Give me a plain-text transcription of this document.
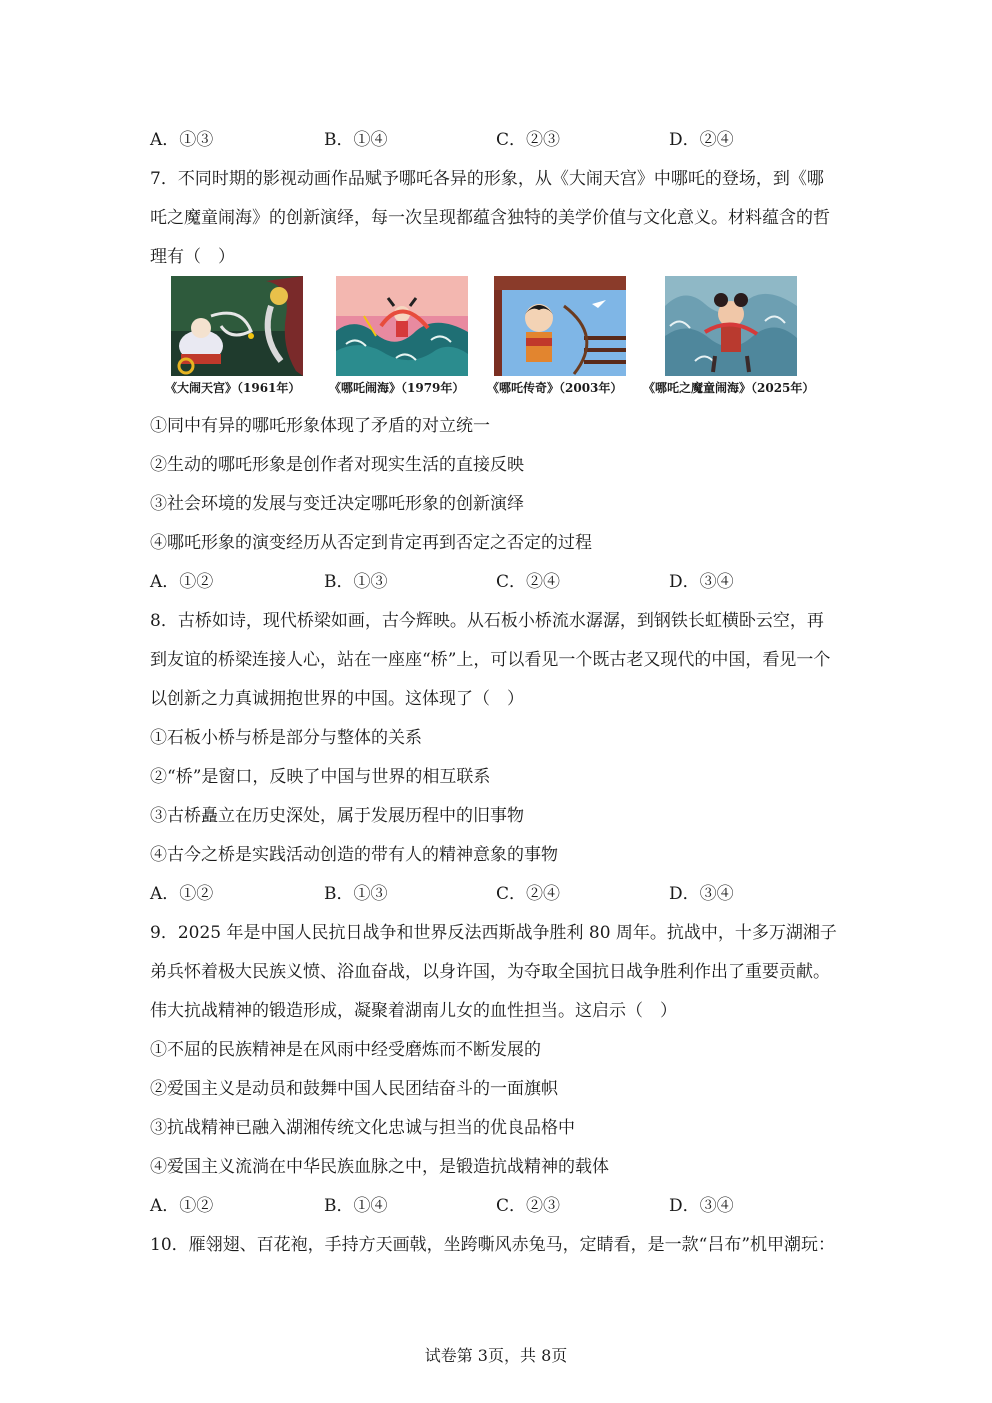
A．①③	B．①④	C．②③	D．②④
7．不同时期的影视动画作品赋予哪吒各异的形象，从《大闹天宫》中哪吒的登场，到《哪
吒之魔童闹海》的创新演绎，每一次呈现都蕴含独特的美学价值与文化意义。材料蕴含的哲
理有（　）
《大闹天宫》（1961年） 《哪吒闹海》（1979年） 《哪吒传奇》（2003年） 《哪吒之魔童闹海》（2025年）
①同中有异的哪吒形象体现了矛盾的对立统一
②生动的哪吒形象是创作者对现实生活的直接反映
③社会环境的发展与变迁决定哪吒形象的创新演绎
④哪吒形象的演变经历从否定到肯定再到否定之否定的过程
A．①②	B．①③	C．②④	D．③④
8．古桥如诗，现代桥梁如画，古今辉映。从石板小桥流水潺潺，到钢铁长虹横卧云空，再
到友谊的桥梁连接人心，站在一座座“桥”上，可以看见一个既古老又现代的中国，看见一个
以创新之力真诚拥抱世界的中国。这体现了（　）
①石板小桥与桥是部分与整体的关系
②“桥”是窗口，反映了中国与世界的相互联系
③古桥矗立在历史深处，属于发展历程中的旧事物
④古今之桥是实践活动创造的带有人的精神意象的事物
A．①②	B．①③	C．②④	D．③④
9．2025 年是中国人民抗日战争和世界反法西斯战争胜利 80 周年。抗战中，十多万湖湘子
弟兵怀着极大民族义愤、浴血奋战，以身许国，为夺取全国抗日战争胜利作出了重要贡献。
伟大抗战精神的锻造形成，凝聚着湖南儿女的血性担当。这启示（　）
①不屈的民族精神是在风雨中经受磨炼而不断发展的
②爱国主义是动员和鼓舞中国人民团结奋斗的一面旗帜
③抗战精神已融入湖湘传统文化忠诚与担当的优良品格中
④爱国主义流淌在中华民族血脉之中，是锻造抗战精神的载体
A．①②	B．①④	C．②③	D．③④
10．雁翎翅、百花袍，手持方天画戟，坐跨嘶风赤兔马，定睛看，是一款“吕布”机甲潮玩：
试卷第 3页，共 8页
